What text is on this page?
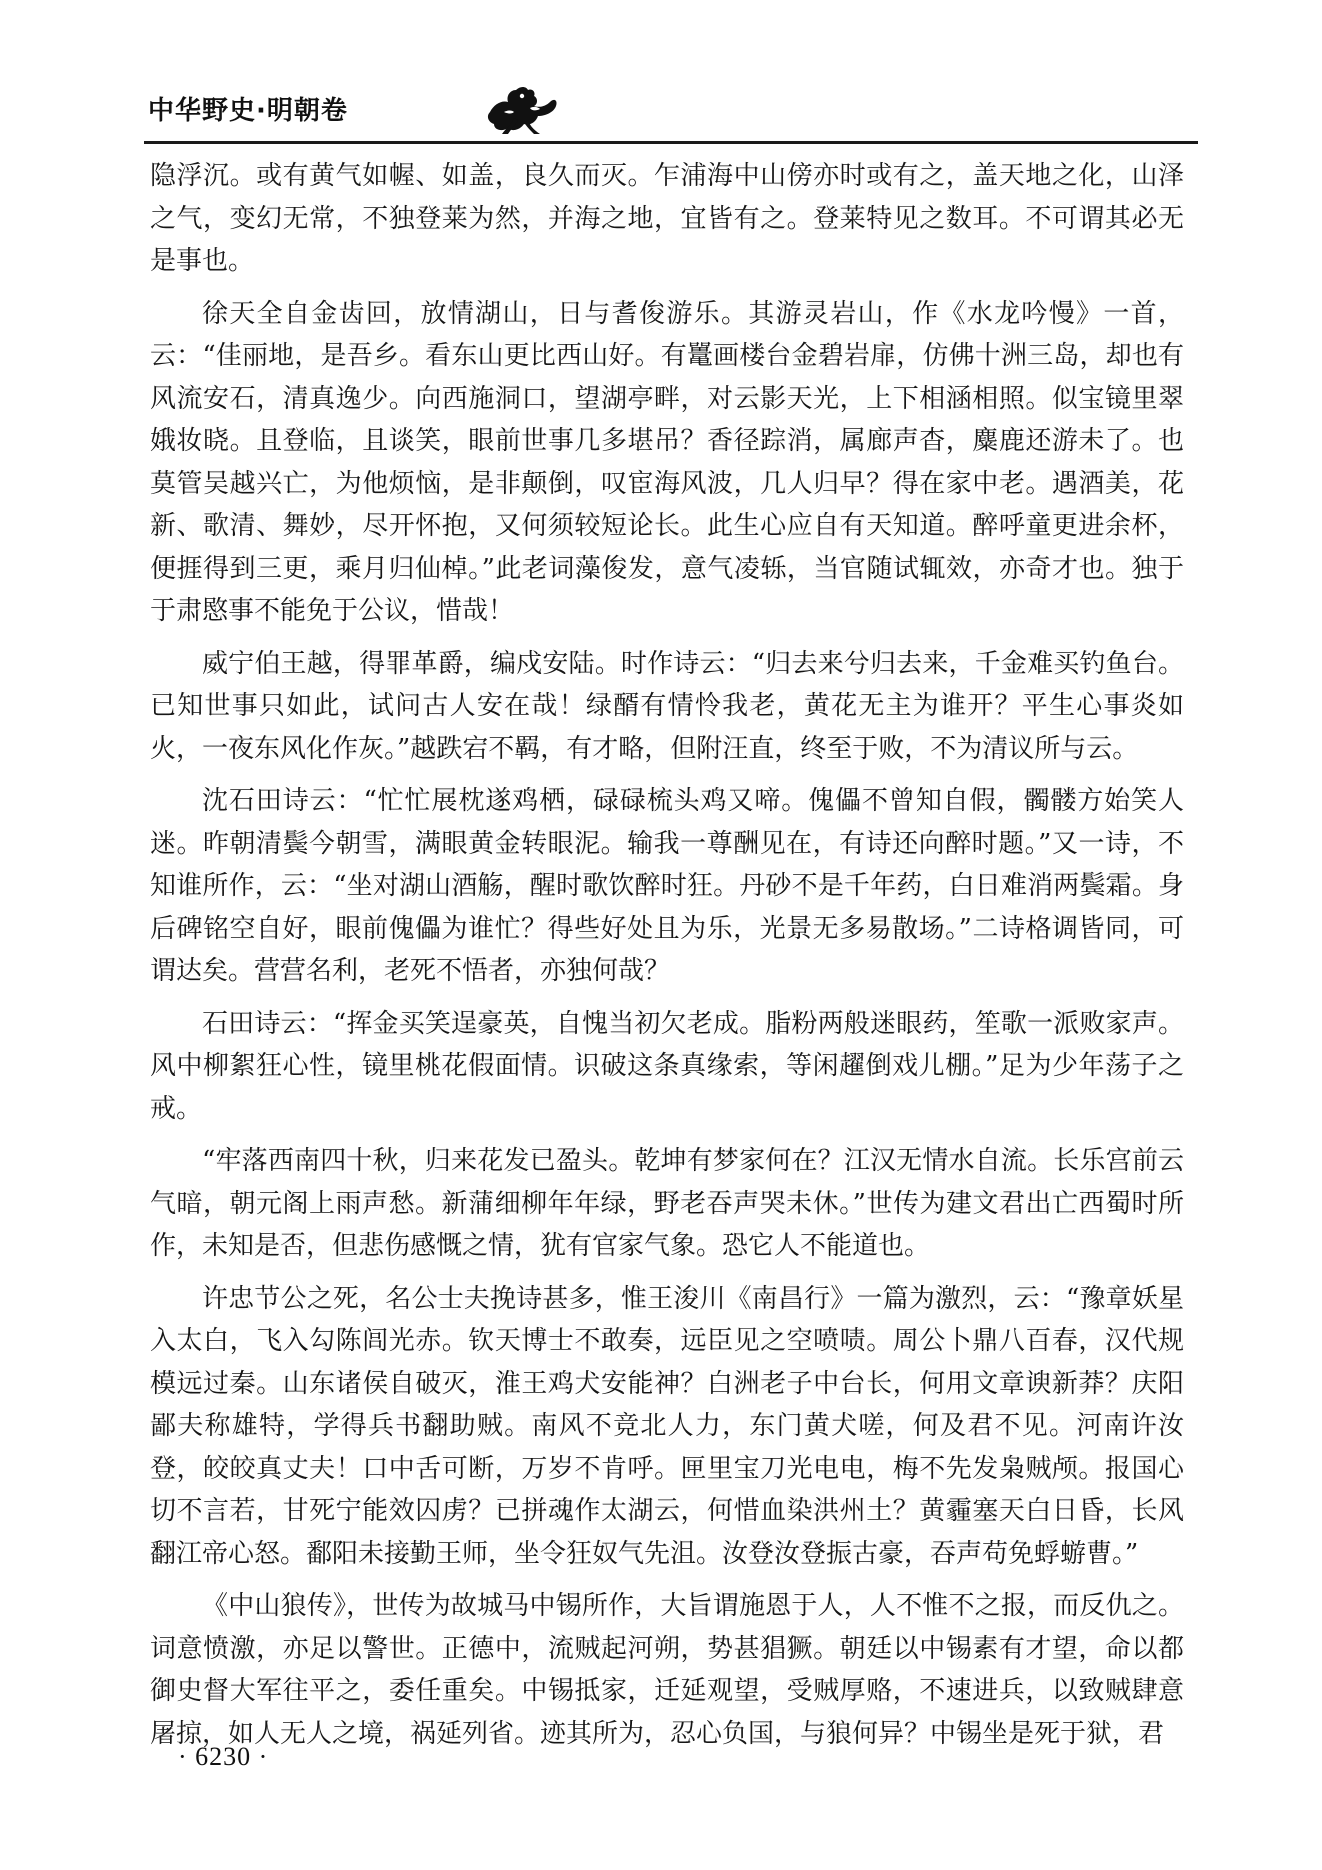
中华野史·明朝卷

隐浮沉。或有黄气如幄、如盖，良久而灭。乍浦海中山傍亦时或有之，盖天地之化，山泽之气，变幻无常，不独登莱为然，并海之地，宜皆有之。登莱特见之数耳。不可谓其必无是事也。

徐天全自金齿回，放情湖山，日与耆俊游乐。其游灵岩山，作《水龙吟慢》一首，云：“佳丽地，是吾乡。看东山更比西山好。有鼍画楼台金碧岩扉，仿佛十洲三岛，却也有风流安石，清真逸少。向西施洞口，望湖亭畔，对云影天光，上下相涵相照。似宝镜里翠娥妆晓。且登临，且谈笑，眼前世事几多堪吊？香径踪消，属廊声杳，麋鹿还游未了。也莫管吴越兴亡，为他烦恼，是非颠倒，叹宦海风波，几人归早？得在家中老。遇酒美，花新、歌清、舞妙，尽开怀抱，又何须较短论长。此生心应自有天知道。醉呼童更进余杯，便捱得到三更，乘月归仙棹。”此老词藻俊发，意气凌轹，当官随试辄效，亦奇才也。独于于肃愍事不能免于公议，惜哉！

威宁伯王越，得罪革爵，编戍安陆。时作诗云：“归去来兮归去来，千金难买钓鱼台。已知世事只如此，试问古人安在哉！绿醑有情怜我老，黄花无主为谁开？平生心事炎如火，一夜东风化作灰。”越跌宕不羁，有才略，但附汪直，终至于败，不为清议所与云。

沈石田诗云：“忙忙展枕遂鸡栖，碌碌梳头鸡又啼。傀儡不曾知自假，髑髅方始笑人迷。昨朝清鬓今朝雪，满眼黄金转眼泥。输我一尊酬见在，有诗还向醉时题。”又一诗，不知谁所作，云：“坐对湖山酒觞，醒时歌饮醉时狂。丹砂不是千年药，白日难消两鬓霜。身后碑铭空自好，眼前傀儡为谁忙？得些好处且为乐，光景无多易散场。”二诗格调皆同，可谓达矣。营营名利，老死不悟者，亦独何哉？

石田诗云：“挥金买笑逞豪英，自愧当初欠老成。脂粉两般迷眼药，笙歌一派败家声。风中柳絮狂心性，镜里桃花假面情。识破这条真缘索，等闲趯倒戏儿棚。”足为少年荡子之戒。

“牢落西南四十秋，归来花发已盈头。乾坤有梦家何在？江汉无情水自流。长乐宫前云气暗，朝元阁上雨声愁。新蒲细柳年年绿，野老吞声哭未休。”世传为建文君出亡西蜀时所作，未知是否，但悲伤感慨之情，犹有官家气象。恐它人不能道也。

许忠节公之死，名公士夫挽诗甚多，惟王浚川《南昌行》一篇为激烈，云：“豫章妖星入太白，飞入勾陈闾光赤。钦天博士不敢奏，远臣见之空喷啧。周公卜鼎八百春，汉代规模远过秦。山东诸侯自破灭，淮王鸡犬安能神？白洲老子中台长，何用文章谀新莽？庆阳鄙夫称雄特，学得兵书翻助贼。南风不竞北人力，东门黄犬嗟，何及君不见。河南许汝登，皎皎真丈夫！口中舌可断，万岁不肯呼。匣里宝刀光电电，梅不先发枭贼颅。报国心切不言若，甘死宁能效囚虏？已拼魂作太湖云，何惜血染洪州土？黄霾塞天白日昏，长风翻江帝心怒。鄱阳未接勤王师，坐令狂奴气先沮。汝登汝登振古豪，吞声苟免蜉蝣曹。”

《中山狼传》，世传为故城马中锡所作，大旨谓施恩于人，人不惟不之报，而反仇之。词意愤激，亦足以警世。正德中，流贼起河朔，势甚猖獗。朝廷以中锡素有才望，命以都御史督大军往平之，委任重矣。中锡抵家，迁延观望，受贼厚赂，不速进兵，以致贼肆意屠掠，如人无人之境，祸延列省。迹其所为，忍心负国，与狼何异？中锡坐是死于狱，君

· 6230 ·
